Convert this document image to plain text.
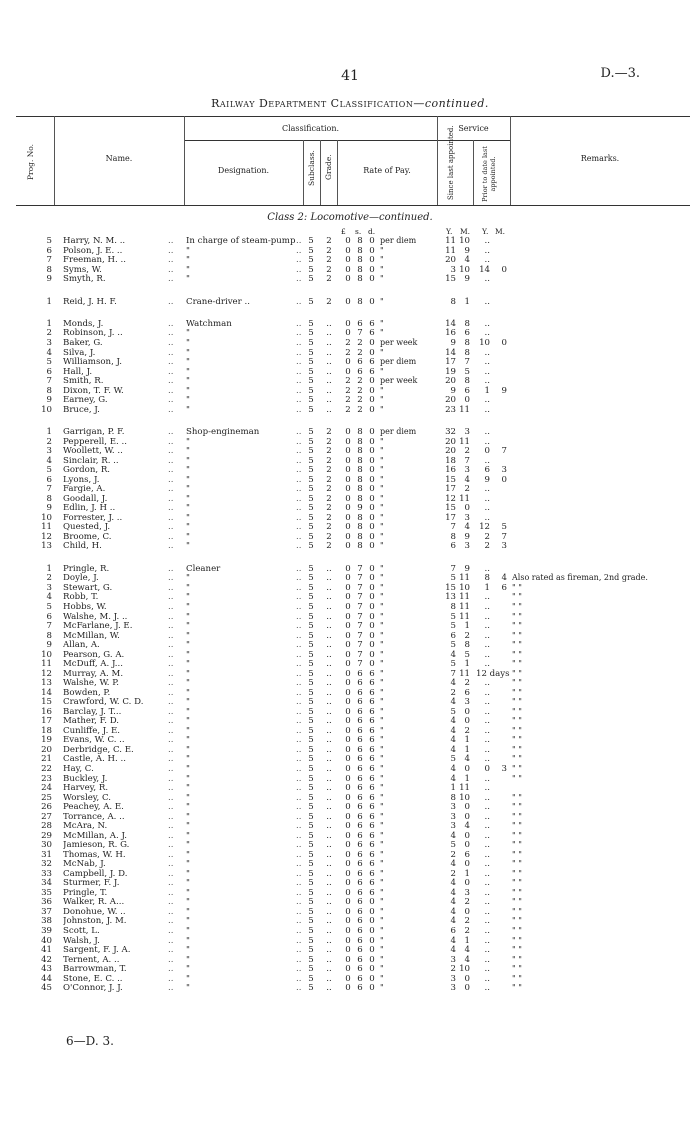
41	D.—3.
Railway Department Classification—continued.
Prog. No.	Name.
Classification.
Designation.	Subclass. Grade.	Rate of Pay.
Service
Since last appointed.	Prior to date last appointed.	Remarks.
Class 2: Locomotive—continued.
£ s. d.	Y. M. Y. M.
5 Harry, N. M. ..	In charge of steam-pump	5	2	0 8 0 per diem	11 10	..
..	..
6 Polson, J. E. ..	"	5	2	0 8 0 "	11 9	..
..	..
7 Freeman, H. ..	"	5	2	0 8 0 "	20 4	..
..	..
8 Syms, W.	"	5	2	0 8 0 "	3 10	14	0
..	..
9 Smyth, R.	"	5	2	0 8 0 "	15 9	..
..	..
1 Reid, J. H. F.	Crane-driver ..	5	2	0 8 0 "	8 1	..
..	..
1 Monds, J.	Watchman	5	..	0 6 6 "	14 8	..
..	..
2 Robinson, J. ..	"	5	..	0 7 6 "	16 6	..
..	..
3 Baker, G.	"	5	..	2 2 0 per week	9 8	10	0
..	..
4 Silva, J.	"	5	..	2 2 0 "	14 8	..
..	..
5 Williamson, J.	"	5	..	0 6 6 per diem	17 7	..
..	..
6 Hall, J.	"	5	..	0 6 6 "	19 5	..
..	..
7 Smith, R.	"	5	..	2 2 0 per week	20 8	..
..	..
8 Dixon, T. F. W.	"	5	..	2 2 0 "	9 6	1	9
..	..
9 Earney, G.	"	5	..	2 2 0 "	20 0	..
..	..
10 Bruce, J.	"	5	..	2 2 0 "	23 11	..
..	..
1 Garrigan, P. F.	Shop-engineman	5	2	0 8 0 per diem	32 3	..
..	..
2 Pepperell, E. ..	"	5	2	0 8 0 "	20 11	..
..	..
3 Woollett, W. ..	"	5	2	0 8 0 "	20 2	0	7
..	..
4 Sinclair, R. ..	"	5	2	0 8 0 "	18 7	..
..	..
5 Gordon, R.	"	5	2	0 8 0 "	16 3	6	3
..	..
6 Lyons, J.	"	5	2	0 8 0 "	15 4	9	0
..	..
7 Fargie, A.	"	5	2	0 8 0 "	17 2	..
..	..
8 Goodall, J.	"	5	2	0 8 0 "	12 11	..
..	..
9 Edlin, J. H ..	"	5	2	0 9 0 "	15 0	..
..	..
10 Forrester, J. ..	"	5	2	0 8 0 "	17 3	..
..	..
11 Quested, J.	"	5	2	0 8 0 "	7 4	12	5
..	..
12 Broome, C.	"	5	2	0 8 0 "	8 9	2	7
..	..
13 Child, H.	"	5	2	0 8 0 "	6 3	2	3
..	..
1 Pringle, R.	Cleaner	5	..	0 7 0 "	7 9	..
..	..
2 Doyle, J.	"	5	..	0 7 0 "	5 11	8	4 Also rated as fireman, 2nd grade.
..	..
3 Stewart, G.	"	5	..	0 7 0 "	15 10	1	6 " "
..	..
4 Robb, T.	"	5	..	0 7 0 "	13 11	..	" "
..	..
5 Hobbs, W.	"	5	..	0 7 0 "	8 11	..	" "
..	..
6 Walshe, M. J. ..	"	5	..	0 7 0 "	5 11	..	" "
..	..
7 McFarlane, J. E.	"	5	..	0 7 0 "	5 1	..	" "
..	..
8 McMillan, W.	"	5	..	0 7 0 "	6 2	..	" "
..	..
9 Allan, A.	"	5	..	0 7 0 "	5 8	..	" "
..	..
10 Pearson, G. A.	"	5	..	0 7 0 "	4 5	..	" "
..	..
11 McDuff, A. J...	"	5	..	0 7 0 "	5 1	..	" "
..	..
12 Murray, A. M.	"	5	..	0 6 6 "	7 11 12 days " "
..	..
13 Walshe, W. P.	"	5	..	0 6 6 "	4 2	..	" "
..	..
14 Bowden, P.	"	5	..	0 6 6 "	2 6	..	" "
..	..
15 Crawford, W. C. D.	"	5	..	0 6 6 "	4 3	..	" "
..	..
16 Barclay, J. T...	"	5	..	0 6 6 "	5 0	..	" "
..	..
17 Mather, F. D.	"	5	..	0 6 6 "	4 0	..	" "
..	..
18 Cunliffe, J. E.	"	5	..	0 6 6 "	4 2	..	" "
..	..
19 Evans, W. C. ..	"	5	..	0 6 6 "	4 1	..	" "
..	..
20 Derbridge, C. E.	"	5	..	0 6 6 "	4 1	..	" "
..	..
21 Castle, A. H. ..	"	5	..	0 6 6 "	5 4	..	" "
..	..
22 Hay, C.	"	5	..	0 6 6 "	4 0	0	3 " "
..	..
23 Buckley, J.	"	5	..	0 6 6 "	4 1	..	" "
..	..
24 Harvey, R.	"	5	..	0 6 6 "	1 11	..
..	..
25 Worsley, C.	"	5	..	0 6 6 "	8 10	..	" "
..	..
26 Peachey, A. E.	"	5	..	0 6 6 "	3 0	..	" "
..	..
27 Torrance, A. ..	"	5	..	0 6 6 "	3 0	..	" "
..	..
28 McAra, N.	"	5	..	0 6 6 "	3 4	..	" "
..	..
29 McMillan, A. J.	"	5	..	0 6 6 "	4 0	..	" "
..	..
30 Jamieson, R. G.	"	5	..	0 6 6 "	5 0	..	" "
..	..
31 Thomas, W. H.	"	5	..	0 6 6 "	2 6	..	" "
..	..
32 McNab, J.	"	5	..	0 6 6 "	4 0	..	" "
..	..
33 Campbell, J. D.	"	5	..	0 6 6 "	2 1	..	" "
..	..
34 Sturmer, F. J.	"	5	..	0 6 6 "	4 0	..	" "
..	..
35 Pringle, T.	"	5	..	0 6 6 "	4 3	..	" "
..	..
36 Walker, R. A...	"	5	..	0 6 0 "	4 2	..	" "
..	..
37 Donohue, W. ..	"	5	..	0 6 0 "	4 0	..	" "
..	..
38 Johnston, J. M.	"	5	..	0 6 0 "	4 2	..	" "
..	..
39 Scott, L.	"	5	..	0 6 0 "	6 2	..	" "
..	..
40 Walsh, J.	"	5	..	0 6 0 "	4 1	..	" "
..	..
41 Sargent, F. J. A.	"	5	..	0 6 0 "	4 4	..	" "
..	..
42 Ternent, A. ..	"	5	..	0 6 0 "	3 4	..	" "
..	..
43 Barrowman, T.	"	5	..	0 6 0 "	2 10	..	" "
..	..
44 Stone, E. C. ..	"	5	..	0 6 0 "	3 0	..	" "
..	..
45 O'Connor, J. J.	"	5	..	0 6 0 "	3 0	..	" "
..	..
6—D. 3.
